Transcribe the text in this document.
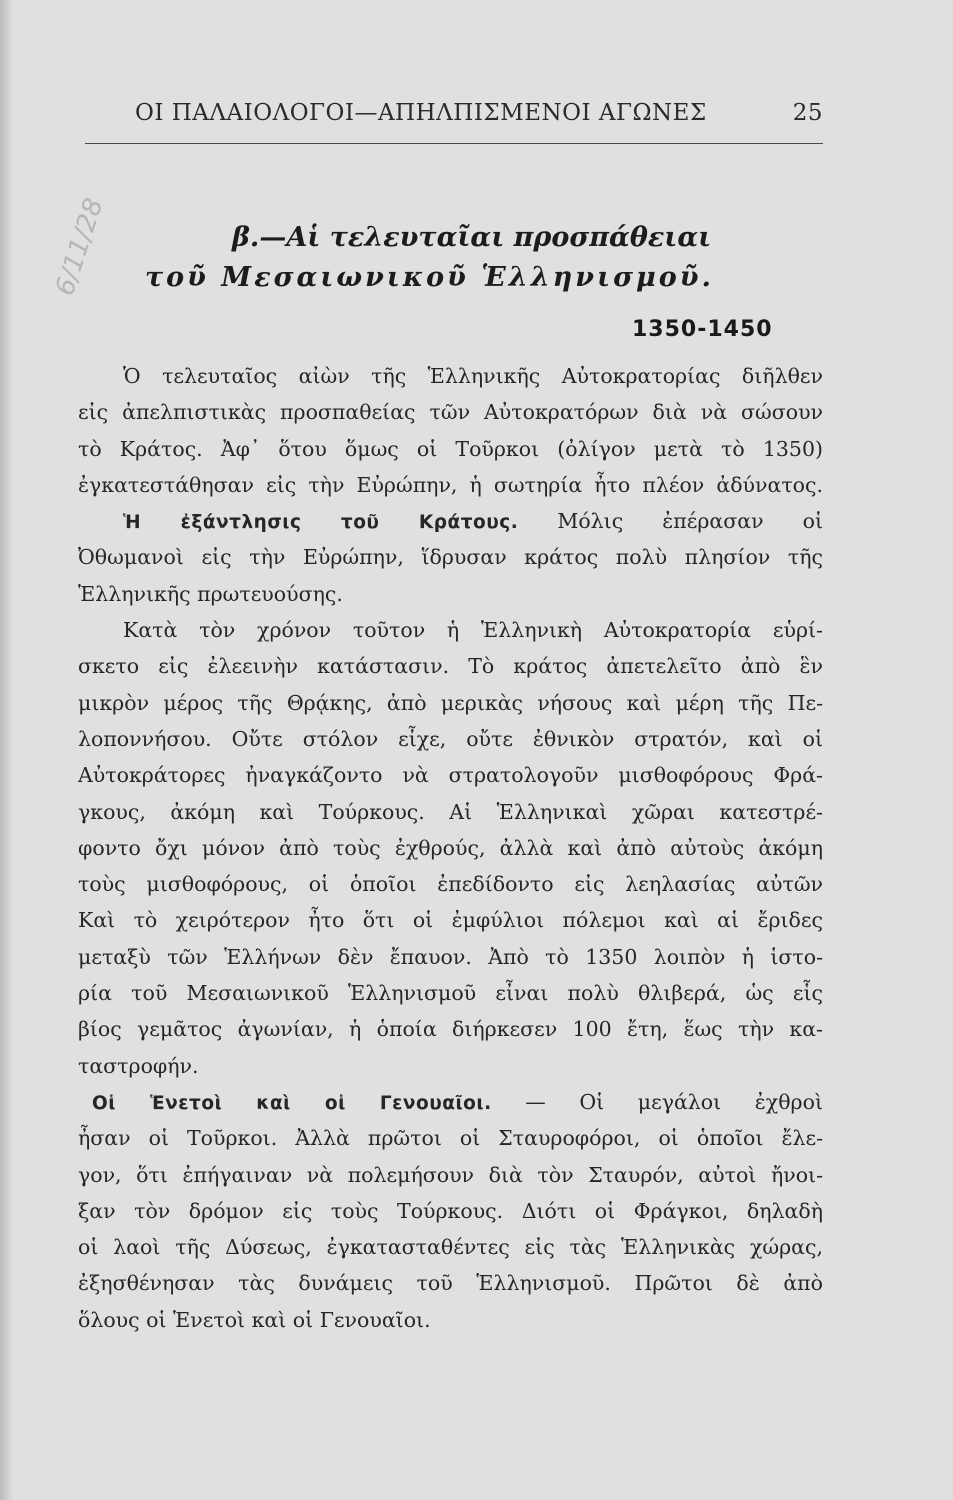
ΟΙ ΠΑΛΑΙΟΛΟΓΟΙ—ΑΠΗΛΠΙΣΜΕΝΟΙ ΑΓΩΝΕΣ	25
6/11/28	β.—Αἱ τελευταῖαι προσπάθειαι
τοῦ Μεσαιωνικοῦ Ἑλληνισμοῦ.
1350-1450
Ὁ τελευταῖος αἰὼν τῆς Ἑλληνικῆς Αὐτοκρατορίας διῆλθεν
εἰς ἀπελπιστικὰς προσπαθείας τῶν Αὐτοκρατόρων διὰ νὰ σώσουν
τὸ Κράτος. Ἀφ᾽ ὅτου ὅμως οἱ Τοῦρκοι (ὀλίγον μετὰ τὸ 1350)
ἐγκατεστάθησαν εἰς τὴν Εὐρώπην, ἡ σωτηρία ἦτο πλέον ἀδύνατος.
Ἡ ἐξάντλησις τοῦ Κράτους. Μόλις ἐπέρασαν οἱ
Ὀθωμανοὶ εἰς τὴν Εὐρώπην, ἵδρυσαν κράτος πολὺ πλησίον τῆς
Ἑλληνικῆς πρωτευούσης.
Κατὰ τὸν χρόνον τοῦτον ἡ Ἑλληνικὴ Αὐτοκρατορία εὑρί-
σκετο εἰς ἐλεεινὴν κατάστασιν. Τὸ κράτος ἀπετελεῖτο ἀπὸ ἓν
μικρὸν μέρος τῆς Θρᾴκης, ἀπὸ μερικὰς νήσους καὶ μέρη τῆς Πε-
λοποννήσου. Οὔτε στόλον εἶχε, οὔτε ἐθνικὸν στρατόν, καὶ οἱ
Αὐτοκράτορες ἠναγκάζοντο νὰ στρατολογοῦν μισθοφόρους Φρά-
γκους, ἀκόμη καὶ Τούρκους. Αἱ Ἑλληνικαὶ χῶραι κατεστρέ-
φοντο ὄχι μόνον ἀπὸ τοὺς ἐχθρούς, ἀλλὰ καὶ ἀπὸ αὐτοὺς ἀκόμη
τοὺς μισθοφόρους, οἱ ὁποῖοι ἐπεδίδοντο εἰς λεηλασίας αὐτῶν
Καὶ τὸ χειρότερον ἦτο ὅτι οἱ ἐμφύλιοι πόλεμοι καὶ αἱ ἔριδες
μεταξὺ τῶν Ἑλλήνων δὲν ἔπαυον. Ἀπὸ τὸ 1350 λοιπὸν ἡ ἱστο-
ρία τοῦ Μεσαιωνικοῦ Ἑλληνισμοῦ εἶναι πολὺ θλιβερά, ὡς εἷς
βίος γεμᾶτος ἀγωνίαν, ἡ ὁποία διήρκεσεν 100 ἔτη, ἕως τὴν κα-
ταστροφήν.
Οἱ Ἑνετοὶ καὶ οἱ Γενουαῖοι. — Οἱ μεγάλοι ἐχθροὶ
ἦσαν οἱ Τοῦρκοι. Ἀλλὰ πρῶτοι οἱ Σταυροφόροι, οἱ ὁποῖοι ἔλε-
γον, ὅτι ἐπήγαιναν νὰ πολεμήσουν διὰ τὸν Σταυρόν, αὐτοὶ ἤνοι-
ξαν τὸν δρόμον εἰς τοὺς Τούρκους. Διότι οἱ Φράγκοι, δηλαδὴ
οἱ λαοὶ τῆς Δύσεως, ἐγκατασταθέντες εἰς τὰς Ἑλληνικὰς χώρας,
ἐξησθένησαν τὰς δυνάμεις τοῦ Ἑλληνισμοῦ. Πρῶτοι δὲ ἀπὸ
ὅλους οἱ Ἑνετοὶ καὶ οἱ Γενουαῖοι.
